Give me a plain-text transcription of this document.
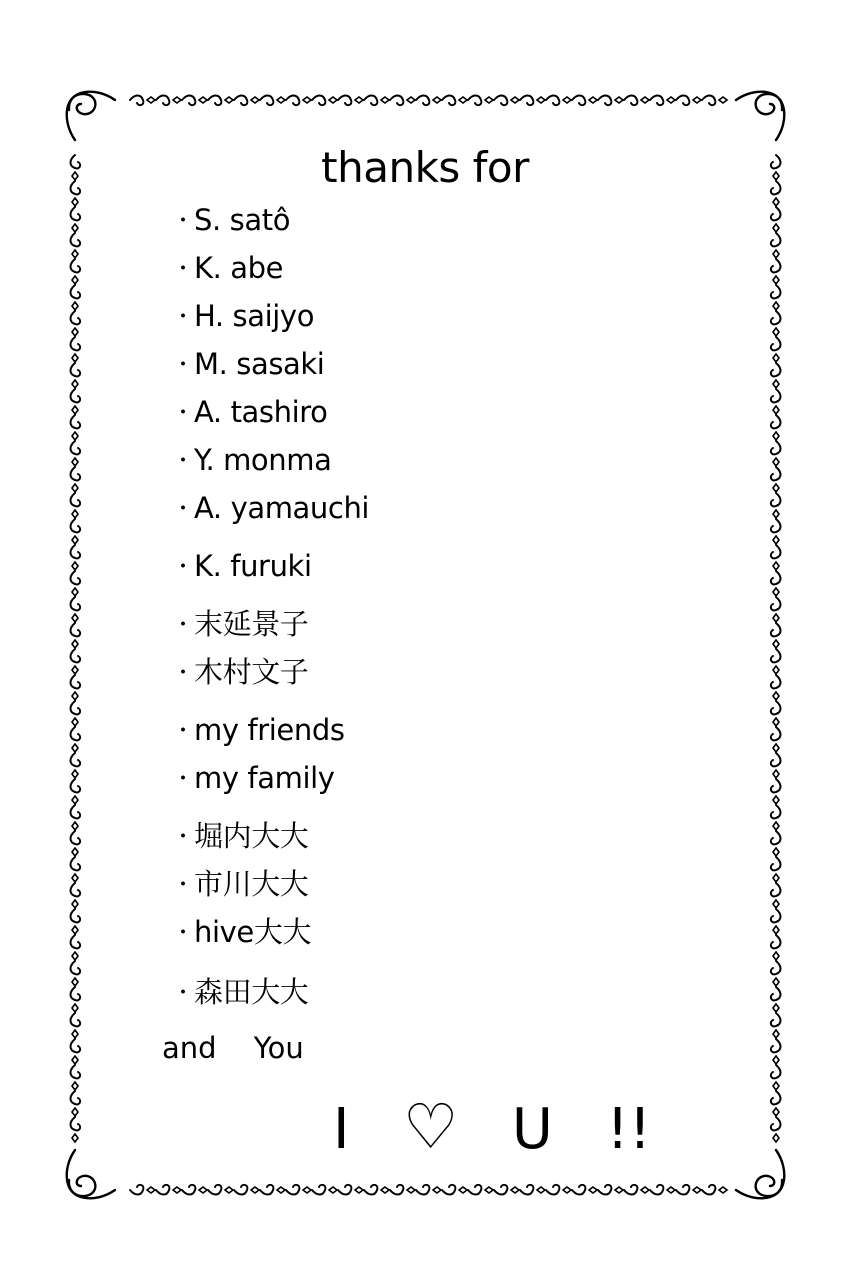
thanks for
・S. satô
・K. abe
・H. saijyo
・M. sasaki
・A. tashiro
・Y. monma
・A. yamauchi
・K. furuki
・末延景子
・木村文子
・my friends
・my family
・堀内大大
・市川大大
・hive大大
・森田大大
and You
I ♡ U !!
